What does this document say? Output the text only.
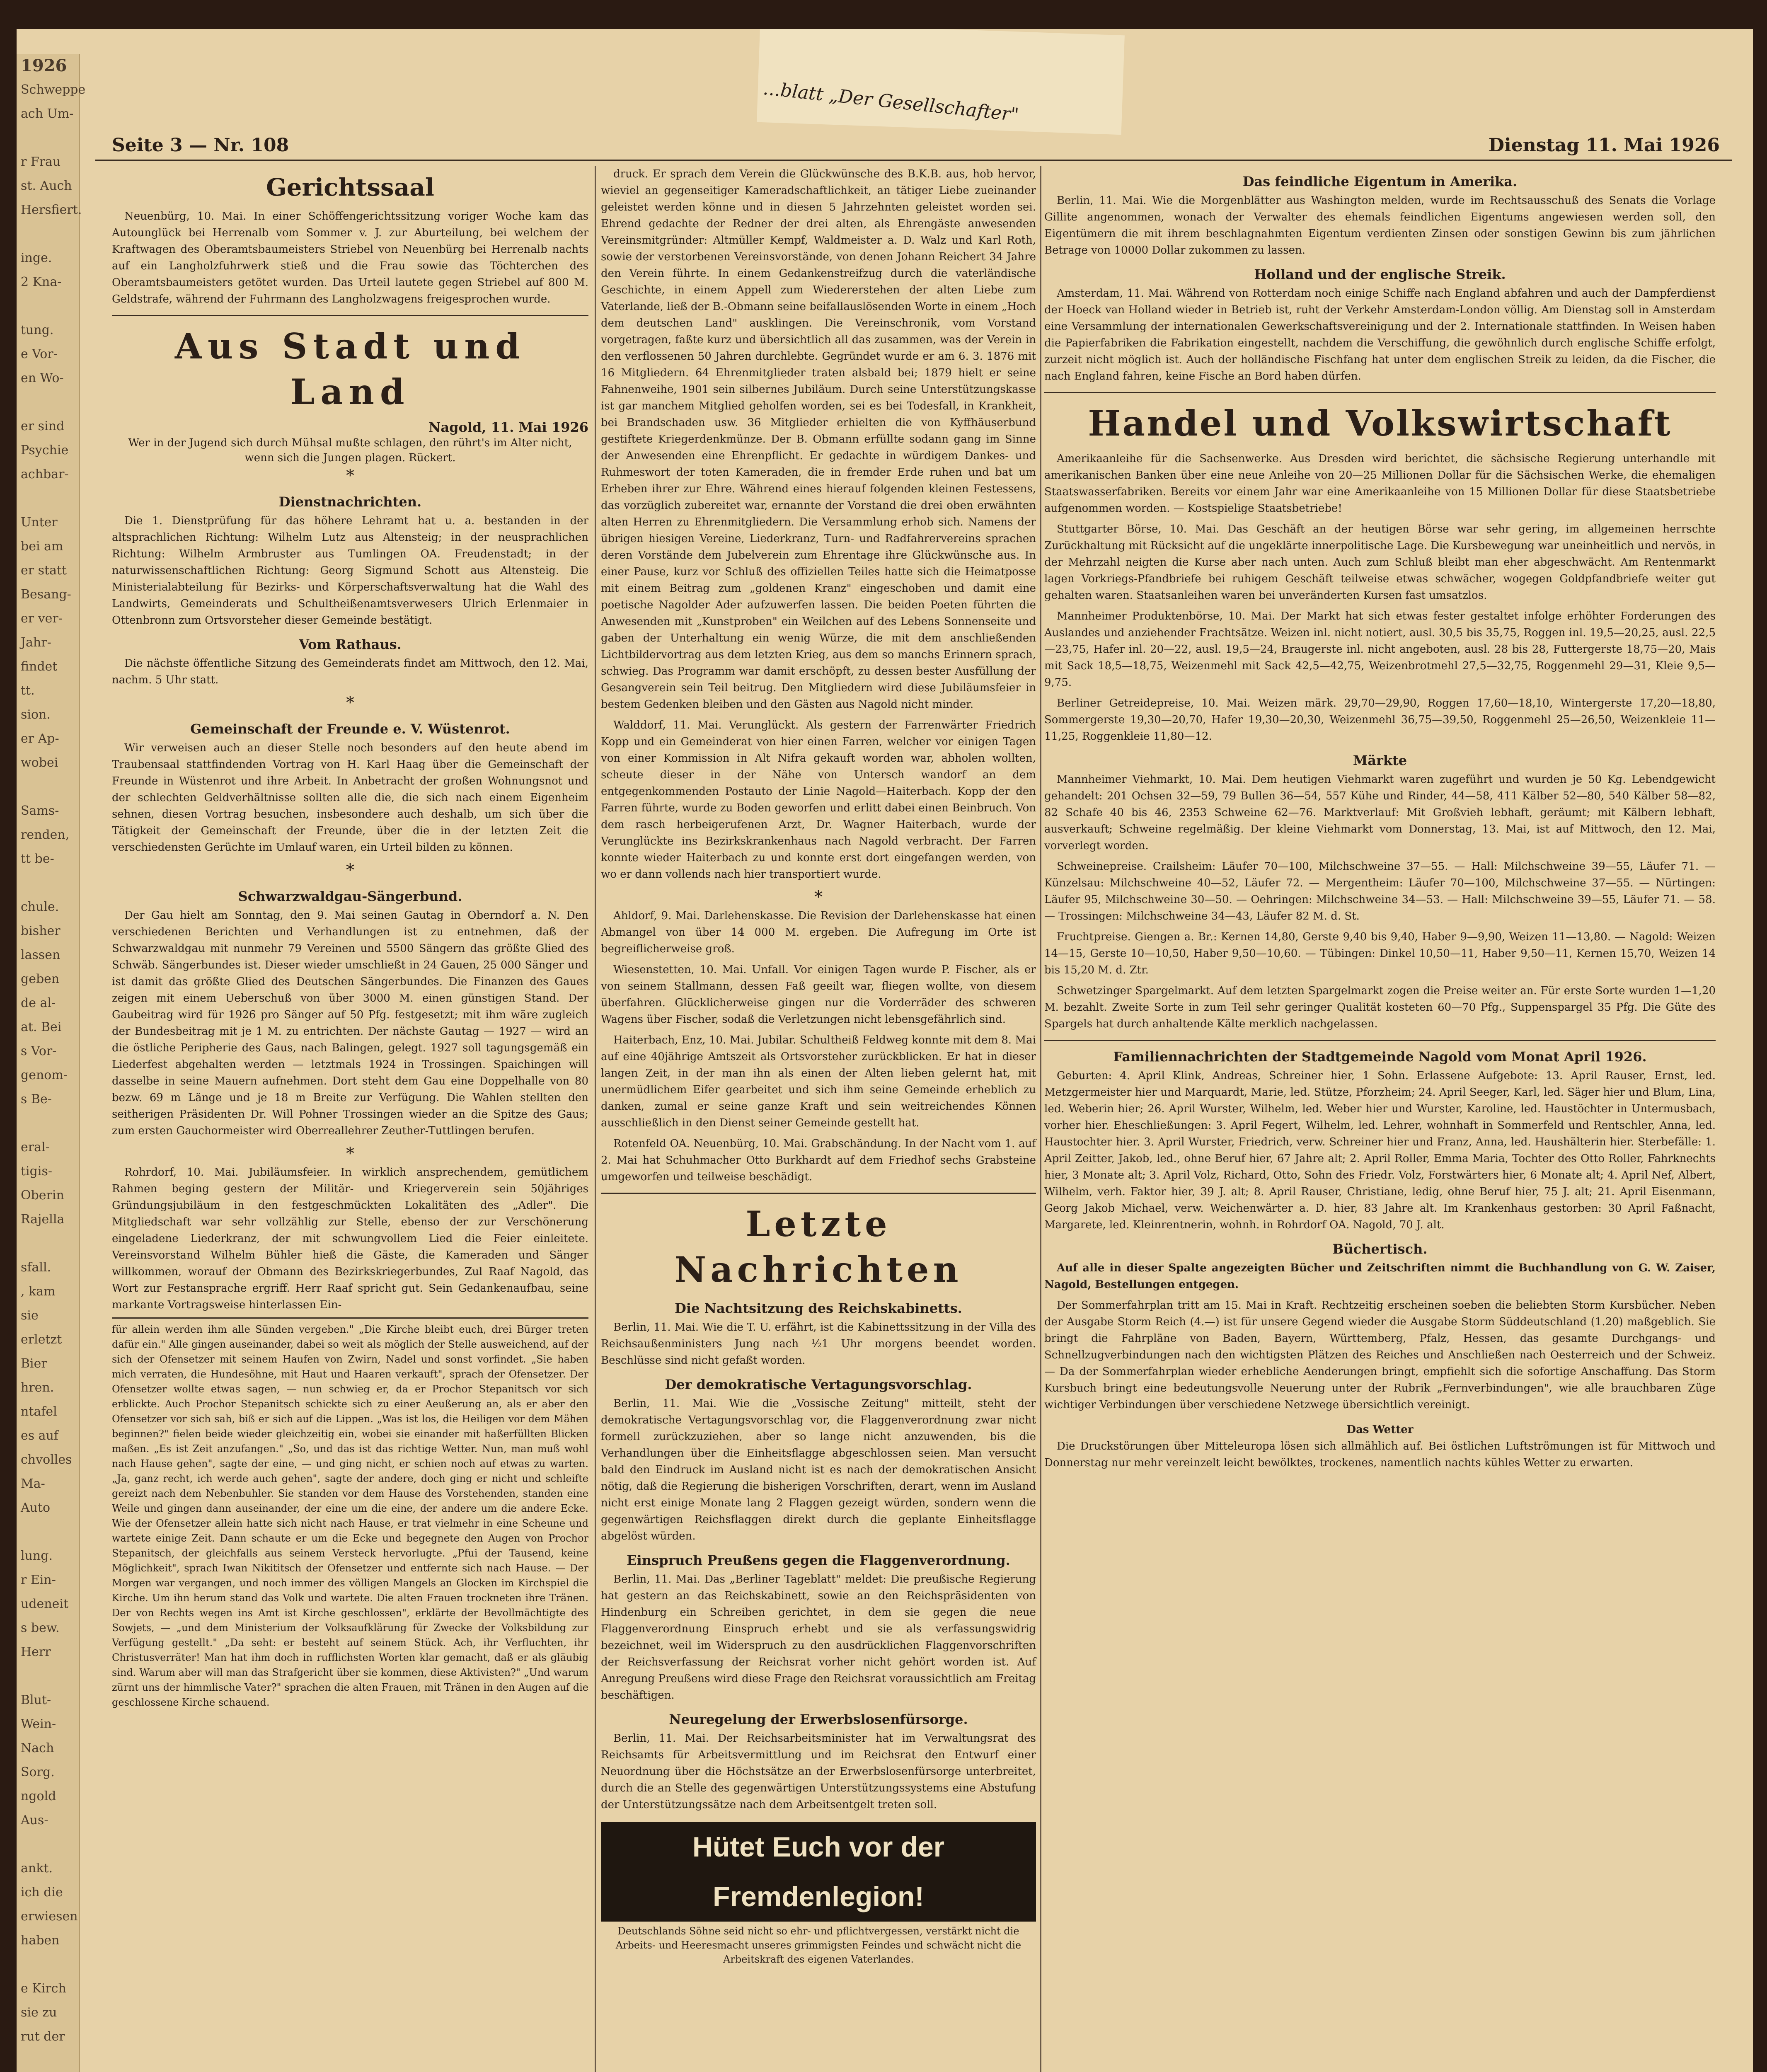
1926
Schweppe
ach Um-

r Frau
st. Auch
Hersfiert.

inge.
2 Kna-

tung.
e Vor-
en Wo-

er sind
Psychie
achbar-

Unter
bei am
er statt
Besang-
er ver-
Jahr-
findet
tt.
sion.
er Ap-
wobei

Sams-
renden,
tt be-

chule.
bisher
lassen
geben
de al-
at. Bei
s Vor-
genom-
s Be-

eral-
tigis-
Oberin
Rajella

sfall.
, kam
sie
erletzt
Bier
hren.
ntafel
es auf
chvolles
Ma-
Auto

lung.
r Ein-
udeneit
s bew.
Herr

Blut-
Wein-
Nach
Sorg.
ngold
Aus-

ankt.
ich die
erwiesen
haben

e Kirch
sie zu
rut der

...blatt „Der Gesellschafter"
Seite 3 — Nr. 108	Dienstag 11. Mai 1926
Gerichtssaal

Neuenbürg, 10. Mai. In einer Schöffengerichtssitzung voriger Woche kam das Autounglück bei Herrenalb vom Sommer v. J. zur Aburteilung, bei welchem der Kraftwagen des Oberamtsbaumeisters Striebel von Neuenbürg bei Herrenalb nachts auf ein Langholzfuhrwerk stieß und die Frau sowie das Töchterchen des Oberamtsbaumeisters getötet wurden. Das Urteil lautete gegen Striebel auf 800 M. Geldstrafe, während der Fuhrmann des Langholzwagens freigesprochen wurde.

Aus Stadt und Land
Nagold, 11. Mai 1926
Wer in der Jugend sich durch Mühsal mußte schlagen, den rührt's im Alter nicht, wenn sich die Jungen plagen. Rückert.
*
Dienstnachrichten.

Die 1. Dienstprüfung für das höhere Lehramt hat u. a. bestanden in der altsprachlichen Richtung: Wilhelm Lutz aus Altensteig; in der neusprachlichen Richtung: Wilhelm Armbruster aus Tumlingen OA. Freudenstadt; in der naturwissenschaftlichen Richtung: Georg Sigmund Schott aus Altensteig. Die Ministerialabteilung für Bezirks- und Körperschaftsverwaltung hat die Wahl des Landwirts, Gemeinderats und Schultheißenamtsverwesers Ulrich Erlenmaier in Ottenbronn zum Ortsvorsteher dieser Gemeinde bestätigt.

Vom Rathaus.

Die nächste öffentliche Sitzung des Gemeinderats findet am Mittwoch, den 12. Mai, nachm. 5 Uhr statt.

*
Gemeinschaft der Freunde e. V. Wüstenrot.

Wir verweisen auch an dieser Stelle noch besonders auf den heute abend im Traubensaal stattfindenden Vortrag von H. Karl Haag über die Gemeinschaft der Freunde in Wüstenrot und ihre Arbeit. In Anbetracht der großen Wohnungsnot und der schlechten Geldverhältnisse sollten alle die, die sich nach einem Eigenheim sehnen, diesen Vortrag besuchen, insbesondere auch deshalb, um sich über die Tätigkeit der Gemeinschaft der Freunde, über die in der letzten Zeit die verschiedensten Gerüchte im Umlauf waren, ein Urteil bilden zu können.

*
Schwarzwaldgau-Sängerbund.

Der Gau hielt am Sonntag, den 9. Mai seinen Gautag in Oberndorf a. N. Den verschiedenen Berichten und Verhandlungen ist zu entnehmen, daß der Schwarzwaldgau mit nunmehr 79 Vereinen und 5500 Sängern das größte Glied des Schwäb. Sängerbundes ist. Dieser wieder umschließt in 24 Gauen, 25 000 Sänger und ist damit das größte Glied des Deutschen Sängerbundes. Die Finanzen des Gaues zeigen mit einem Ueberschuß von über 3000 M. einen günstigen Stand. Der Gaubeitrag wird für 1926 pro Sänger auf 50 Pfg. festgesetzt; mit ihm wäre zugleich der Bundesbeitrag mit je 1 M. zu entrichten. Der nächste Gautag — 1927 — wird an die östliche Peripherie des Gaus, nach Balingen, gelegt. 1927 soll tagungsgemäß ein Liederfest abgehalten werden — letztmals 1924 in Trossingen. Spaichingen will dasselbe in seine Mauern aufnehmen. Dort steht dem Gau eine Doppelhalle von 80 bezw. 69 m Länge und je 18 m Breite zur Verfügung. Die Wahlen stellten den seitherigen Präsidenten Dr. Will Pohner Trossingen wieder an die Spitze des Gaus; zum ersten Gauchormeister wird Oberreallehrer Zeuther-Tuttlingen berufen.

*

Rohrdorf, 10. Mai. Jubiläumsfeier. In wirklich ansprechendem, gemütlichem Rahmen beging gestern der Militär- und Kriegerverein sein 50jähriges Gründungsjubiläum in den festgeschmückten Lokalitäten des „Adler". Die Mitgliedschaft war sehr vollzählig zur Stelle, ebenso der zur Verschönerung eingeladene Liederkranz, der mit schwungvollem Lied die Feier einleitete. Vereinsvorstand Wilhelm Bühler hieß die Gäste, die Kameraden und Sänger willkommen, worauf der Obmann des Bezirkskriegerbundes, Zul Raaf Nagold, das Wort zur Festansprache ergriff. Herr Raaf spricht gut. Sein Gedankenaufbau, seine markante Vortragsweise hinterlassen Ein-

für allein werden ihm alle Sünden vergeben." „Die Kirche bleibt euch, drei Bürger treten dafür ein." Alle gingen auseinander, dabei so weit als möglich der Stelle ausweichend, auf der sich der Ofensetzer mit seinem Haufen von Zwirn, Nadel und sonst vorfindet. „Sie haben mich verraten, die Hundesöhne, mit Haut und Haaren verkauft", sprach der Ofensetzer. Der Ofensetzer wollte etwas sagen, — nun schwieg er, da er Prochor Stepanitsch vor sich erblickte. Auch Prochor Stepanitsch schickte sich zu einer Aeußerung an, als er aber den Ofensetzer vor sich sah, biß er sich auf die Lippen. „Was ist los, die Heiligen vor dem Mähen beginnen?" fielen beide wieder gleichzeitig ein, wobei sie einander mit haßerfüllten Blicken maßen. „Es ist Zeit anzufangen." „So, und das ist das richtige Wetter. Nun, man muß wohl nach Hause gehen", sagte der eine, — und ging nicht, er schien noch auf etwas zu warten. „Ja, ganz recht, ich werde auch gehen", sagte der andere, doch ging er nicht und schleifte gereizt nach dem Nebenbuhler. Sie standen vor dem Hause des Vorstehenden, standen eine Weile und gingen dann auseinander, der eine um die eine, der andere um die andere Ecke. Wie der Ofensetzer allein hatte sich nicht nach Hause, er trat vielmehr in eine Scheune und wartete einige Zeit. Dann schaute er um die Ecke und begegnete den Augen von Prochor Stepanitsch, der gleichfalls aus seinem Versteck hervorlugte. „Pfui der Tausend, keine Möglichkeit", sprach Iwan Nikititsch der Ofensetzer und entfernte sich nach Hause. — Der Morgen war vergangen, und noch immer des völligen Mangels an Glocken im Kirchspiel die Kirche. Um ihn herum stand das Volk und wartete. Die alten Frauen trockneten ihre Tränen. Der von Rechts wegen ins Amt ist Kirche geschlossen", erklärte der Bevollmächtigte des Sowjets, — „und dem Ministerium der Volksaufklärung für Zwecke der Volksbildung zur Verfügung gestellt." „Da seht: er besteht auf seinem Stück. Ach, ihr Verfluchten, ihr Christusverräter! Man hat ihm doch in rufflichsten Worten klar gemacht, daß er als gläubig sind. Warum aber will man das Strafgericht über sie kommen, diese Aktivisten?" „Und warum zürnt uns der himmlische Vater?" sprachen die alten Frauen, mit Tränen in den Augen auf die geschlossene Kirche schauend.

druck. Er sprach dem Verein die Glückwünsche des B.K.B. aus, hob hervor, wieviel an gegenseitiger Kameradschaftlichkeit, an tätiger Liebe zueinander geleistet werden könne und in diesen 5 Jahrzehnten geleistet worden sei. Ehrend gedachte der Redner der drei alten, als Ehrengäste anwesenden Vereinsmitgründer: Altmüller Kempf, Waldmeister a. D. Walz und Karl Roth, sowie der verstorbenen Vereinsvorstände, von denen Johann Reichert 34 Jahre den Verein führte. In einem Gedankenstreifzug durch die vaterländische Geschichte, in einem Appell zum Wiedererstehen der alten Liebe zum Vaterlande, ließ der B.-Obmann seine beifallauslösenden Worte in einem „Hoch dem deutschen Land" ausklingen. Die Vereinschronik, vom Vorstand vorgetragen, faßte kurz und übersichtlich all das zusammen, was der Verein in den verflossenen 50 Jahren durchlebte. Gegründet wurde er am 6. 3. 1876 mit 16 Mitgliedern. 64 Ehrenmitglieder traten alsbald bei; 1879 hielt er seine Fahnenweihe, 1901 sein silbernes Jubiläum. Durch seine Unterstützungskasse ist gar manchem Mitglied geholfen worden, sei es bei Todesfall, in Krankheit, bei Brandschaden usw. 36 Mitglieder erhielten die von Kyffhäuserbund gestiftete Kriegerdenkmünze. Der B. Obmann erfüllte sodann gang im Sinne der Anwesenden eine Ehrenpflicht. Er gedachte in würdigem Dankes- und Ruhmeswort der toten Kameraden, die in fremder Erde ruhen und bat um Erheben ihrer zur Ehre. Während eines hierauf folgenden kleinen Festessens, das vorzüglich zubereitet war, ernannte der Vorstand die drei oben erwähnten alten Herren zu Ehrenmitgliedern. Die Versammlung erhob sich. Namens der übrigen hiesigen Vereine, Liederkranz, Turn- und Radfahrervereins sprachen deren Vorstände dem Jubelverein zum Ehrentage ihre Glückwünsche aus. In einer Pause, kurz vor Schluß des offiziellen Teiles hatte sich die Heimatposse mit einem Beitrag zum „goldenen Kranz" eingeschoben und damit eine poetische Nagolder Ader aufzuwerfen lassen. Die beiden Poeten führten die Anwesenden mit „Kunstproben" ein Weilchen auf des Lebens Sonnenseite und gaben der Unterhaltung ein wenig Würze, die mit dem anschließenden Lichtbildervortrag aus dem letzten Krieg, aus dem so manchs Erinnern sprach, schwieg. Das Programm war damit erschöpft, zu dessen bester Ausfüllung der Gesangverein sein Teil beitrug. Den Mitgliedern wird diese Jubiläumsfeier in bestem Gedenken bleiben und den Gästen aus Nagold nicht minder.

Walddorf, 11. Mai. Verunglückt. Als gestern der Farrenwärter Friedrich Kopp und ein Gemeinderat von hier einen Farren, welcher vor einigen Tagen von einer Kommission in Alt Nifra gekauft worden war, abholen wollten, scheute dieser in der Nähe von Untersch wandorf an dem entgegenkommenden Postauto der Linie Nagold—Haiterbach. Kopp der den Farren führte, wurde zu Boden geworfen und erlitt dabei einen Beinbruch. Von dem rasch herbeigerufenen Arzt, Dr. Wagner Haiterbach, wurde der Verunglückte ins Bezirkskrankenhaus nach Nagold verbracht. Der Farren konnte wieder Haiterbach zu und konnte erst dort eingefangen werden, von wo er dann vollends nach hier transportiert wurde.

*

Ahldorf, 9. Mai. Darlehenskasse. Die Revision der Darlehenskasse hat einen Abmangel von über 14 000 M. ergeben. Die Aufregung im Orte ist begreiflicherweise groß.

Wiesenstetten, 10. Mai. Unfall. Vor einigen Tagen wurde P. Fischer, als er von seinem Stallmann, dessen Faß geeilt war, fliegen wollte, von diesem überfahren. Glücklicherweise gingen nur die Vorderräder des schweren Wagens über Fischer, sodaß die Verletzungen nicht lebensgefährlich sind.

Haiterbach, Enz, 10. Mai. Jubilar. Schultheiß Feldweg konnte mit dem 8. Mai auf eine 40jährige Amtszeit als Ortsvorsteher zurückblicken. Er hat in dieser langen Zeit, in der man ihn als einen der Alten lieben gelernt hat, mit unermüdlichem Eifer gearbeitet und sich ihm seine Gemeinde erheblich zu danken, zumal er seine ganze Kraft und sein weitreichendes Können ausschließlich in den Dienst seiner Gemeinde gestellt hat.

Rotenfeld OA. Neuenbürg, 10. Mai. Grabschändung. In der Nacht vom 1. auf 2. Mai hat Schuhmacher Otto Burkhardt auf dem Friedhof sechs Grabsteine umgeworfen und teilweise beschädigt.

Letzte Nachrichten
Die Nachtsitzung des Reichskabinetts.

Berlin, 11. Mai. Wie die T. U. erfährt, ist die Kabinettssitzung in der Villa des Reichsaußenministers Jung nach ½1 Uhr morgens beendet worden. Beschlüsse sind nicht gefaßt worden.

Der demokratische Vertagungsvorschlag.

Berlin, 11. Mai. Wie die „Vossische Zeitung" mitteilt, steht der demokratische Vertagungsvorschlag vor, die Flaggenverordnung zwar nicht formell zurückzuziehen, aber so lange nicht anzuwenden, bis die Verhandlungen über die Einheitsflagge abgeschlossen seien. Man versucht bald den Eindruck im Ausland nicht ist es nach der demokratischen Ansicht nötig, daß die Regierung die bisherigen Vorschriften, derart, wenn im Ausland nicht erst einige Monate lang 2 Flaggen gezeigt würden, sondern wenn die gegenwärtigen Reichsflaggen direkt durch die geplante Einheitsflagge abgelöst würden.

Einspruch Preußens gegen die Flaggenverordnung.

Berlin, 11. Mai. Das „Berliner Tageblatt" meldet: Die preußische Regierung hat gestern an das Reichskabinett, sowie an den Reichspräsidenten von Hindenburg ein Schreiben gerichtet, in dem sie gegen die neue Flaggenverordnung Einspruch erhebt und sie als verfassungswidrig bezeichnet, weil im Widerspruch zu den ausdrücklichen Flaggenvorschriften der Reichsverfassung der Reichsrat vorher nicht gehört worden ist. Auf Anregung Preußens wird diese Frage den Reichsrat voraussichtlich am Freitag beschäftigen.

Neuregelung der Erwerbslosenfürsorge.

Berlin, 11. Mai. Der Reichsarbeitsminister hat im Verwaltungsrat des Reichsamts für Arbeitsvermittlung und im Reichsrat den Entwurf einer Neuordnung über die Höchstsätze an der Erwerbslosenfürsorge unterbreitet, durch die an Stelle des gegenwärtigen Unterstützungssystems eine Abstufung der Unterstützungssätze nach dem Arbeitsentgelt treten soll.

Hütet Euch vor der Fremdenlegion!
Deutschlands Söhne seid nicht so ehr- und pflichtvergessen, verstärkt nicht die Arbeits- und Heeresmacht unseres grimmigsten Feindes und schwächt nicht die Arbeitskraft des eigenen Vaterlandes.
Das feindliche Eigentum in Amerika.

Berlin, 11. Mai. Wie die Morgenblätter aus Washington melden, wurde im Rechtsausschuß des Senats die Vorlage Gillite angenommen, wonach der Verwalter des ehemals feindlichen Eigentums angewiesen werden soll, den Eigentümern die mit ihrem beschlagnahmten Eigentum verdienten Zinsen oder sonstigen Gewinn bis zum jährlichen Betrage von 10000 Dollar zukommen zu lassen.

Holland und der englische Streik.

Amsterdam, 11. Mai. Während von Rotterdam noch einige Schiffe nach England abfahren und auch der Dampferdienst der Hoeck van Holland wieder in Betrieb ist, ruht der Verkehr Amsterdam-London völlig. Am Dienstag soll in Amsterdam eine Versammlung der internationalen Gewerkschaftsvereinigung und der 2. Internationale stattfinden. In Weisen haben die Papierfabriken die Fabrikation eingestellt, nachdem die Verschiffung, die gewöhnlich durch englische Schiffe erfolgt, zurzeit nicht möglich ist. Auch der holländische Fischfang hat unter dem englischen Streik zu leiden, da die Fischer, die nach England fahren, keine Fische an Bord haben dürfen.

Handel und Volkswirtschaft

Amerikaanleihe für die Sachsenwerke. Aus Dresden wird berichtet, die sächsische Regierung unterhandle mit amerikanischen Banken über eine neue Anleihe von 20—25 Millionen Dollar für die Sächsischen Werke, die ehemaligen Staatswasserfabriken. Bereits vor einem Jahr war eine Amerikaanleihe von 15 Millionen Dollar für diese Staatsbetriebe aufgenommen worden. — Kostspielige Staatsbetriebe!

Stuttgarter Börse, 10. Mai. Das Geschäft an der heutigen Börse war sehr gering, im allgemeinen herrschte Zurückhaltung mit Rücksicht auf die ungeklärte innerpolitische Lage. Die Kursbewegung war uneinheitlich und nervös, in der Mehrzahl neigten die Kurse aber nach unten. Auch zum Schluß bleibt man eher abgeschwächt. Am Rentenmarkt lagen Vorkriegs-Pfandbriefe bei ruhigem Geschäft teilweise etwas schwächer, wogegen Goldpfandbriefe weiter gut gehalten waren. Staatsanleihen waren bei unveränderten Kursen fast umsatzlos.

Mannheimer Produktenbörse, 10. Mai. Der Markt hat sich etwas fester gestaltet infolge erhöhter Forderungen des Auslandes und anziehender Frachtsätze. Weizen inl. nicht notiert, ausl. 30,5 bis 35,75, Roggen inl. 19,5—20,25, ausl. 22,5—23,75, Hafer inl. 20—22, ausl. 19,5—24, Braugerste inl. nicht angeboten, ausl. 28 bis 28, Futtergerste 18,75—20, Mais mit Sack 18,5—18,75, Weizenmehl mit Sack 42,5—42,75, Weizenbrotmehl 27,5—32,75, Roggenmehl 29—31, Kleie 9,5—9,75.

Berliner Getreidepreise, 10. Mai. Weizen märk. 29,70—29,90, Roggen 17,60—18,10, Wintergerste 17,20—18,80, Sommergerste 19,30—20,70, Hafer 19,30—20,30, Weizenmehl 36,75—39,50, Roggenmehl 25—26,50, Weizenkleie 11—11,25, Roggenkleie 11,80—12.

Märkte

Mannheimer Viehmarkt, 10. Mai. Dem heutigen Viehmarkt waren zugeführt und wurden je 50 Kg. Lebendgewicht gehandelt: 201 Ochsen 32—59, 79 Bullen 36—54, 557 Kühe und Rinder, 44—58, 411 Kälber 52—80, 540 Kälber 58—82, 82 Schafe 40 bis 46, 2353 Schweine 62—76. Marktverlauf: Mit Großvieh lebhaft, geräumt; mit Kälbern lebhaft, ausverkauft; Schweine regelmäßig. Der kleine Viehmarkt vom Donnerstag, 13. Mai, ist auf Mittwoch, den 12. Mai, vorverlegt worden.

Schweinepreise. Crailsheim: Läufer 70—100, Milchschweine 37—55. — Hall: Milchschweine 39—55, Läufer 71. — Künzelsau: Milchschweine 40—52, Läufer 72. — Mergentheim: Läufer 70—100, Milchschweine 37—55. — Nürtingen: Läufer 95, Milchschweine 30—50. — Oehringen: Milchschweine 34—53. — Hall: Milchschweine 39—55, Läufer 71. — 58. — Trossingen: Milchschweine 34—43, Läufer 82 M. d. St.

Fruchtpreise. Giengen a. Br.: Kernen 14,80, Gerste 9,40 bis 9,40, Haber 9—9,90, Weizen 11—13,80. — Nagold: Weizen 14—15, Gerste 10—10,50, Haber 9,50—10,60. — Tübingen: Dinkel 10,50—11, Haber 9,50—11, Kernen 15,70, Weizen 14 bis 15,20 M. d. Ztr.

Schwetzinger Spargelmarkt. Auf dem letzten Spargelmarkt zogen die Preise weiter an. Für erste Sorte wurden 1—1,20 M. bezahlt. Zweite Sorte in zum Teil sehr geringer Qualität kosteten 60—70 Pfg., Suppenspargel 35 Pfg. Die Güte des Spargels hat durch anhaltende Kälte merklich nachgelassen.

Familiennachrichten der Stadtgemeinde Nagold vom Monat April 1926.

Geburten: 4. April Klink, Andreas, Schreiner hier, 1 Sohn. Erlassene Aufgebote: 13. April Rauser, Ernst, led. Metzgermeister hier und Marquardt, Marie, led. Stütze, Pforzheim; 24. April Seeger, Karl, led. Säger hier und Blum, Lina, led. Weberin hier; 26. April Wurster, Wilhelm, led. Weber hier und Wurster, Karoline, led. Haustöchter in Untermusbach, vorher hier. Eheschließungen: 3. April Fegert, Wilhelm, led. Lehrer, wohnhaft in Sommerfeld und Rentschler, Anna, led. Haustochter hier. 3. April Wurster, Friedrich, verw. Schreiner hier und Franz, Anna, led. Haushälterin hier. Sterbefälle: 1. April Zeitter, Jakob, led., ohne Beruf hier, 67 Jahre alt; 2. April Roller, Emma Maria, Tochter des Otto Roller, Fahrknechts hier, 3 Monate alt; 3. April Volz, Richard, Otto, Sohn des Friedr. Volz, Forstwärters hier, 6 Monate alt; 4. April Nef, Albert, Wilhelm, verh. Faktor hier, 39 J. alt; 8. April Rauser, Christiane, ledig, ohne Beruf hier, 75 J. alt; 21. April Eisenmann, Georg Jakob Michael, verw. Weichenwärter a. D. hier, 83 Jahre alt. Im Krankenhaus gestorben: 30 April Faßnacht, Margarete, led. Kleinrentnerin, wohnh. in Rohrdorf OA. Nagold, 70 J. alt.

Büchertisch.

Auf alle in dieser Spalte angezeigten Bücher und Zeitschriften nimmt die Buchhandlung von G. W. Zaiser, Nagold, Bestellungen entgegen.

Der Sommerfahrplan tritt am 15. Mai in Kraft. Rechtzeitig erscheinen soeben die beliebten Storm Kursbücher. Neben der Ausgabe Storm Reich (4.—) ist für unsere Gegend wieder die Ausgabe Storm Süddeutschland (1.20) maßgeblich. Sie bringt die Fahrpläne von Baden, Bayern, Württemberg, Pfalz, Hessen, das gesamte Durchgangs- und Schnellzugverbindungen nach den wichtigsten Plätzen des Reiches und Anschließen nach Oesterreich und der Schweiz. — Da der Sommerfahrplan wieder erhebliche Aenderungen bringt, empfiehlt sich die sofortige Anschaffung. Das Storm Kursbuch bringt eine bedeutungsvolle Neuerung unter der Rubrik „Fernverbindungen", wie alle brauchbaren Züge wichtiger Verbindungen über verschiedene Netzwege übersichtlich vereinigt.

Das Wetter

Die Druckstörungen über Mitteleuropa lösen sich allmählich auf. Bei östlichen Luftströmungen ist für Mittwoch und Donnerstag nur mehr vereinzelt leicht bewölktes, trockenes, namentlich nachts kühles Wetter zu erwarten.
